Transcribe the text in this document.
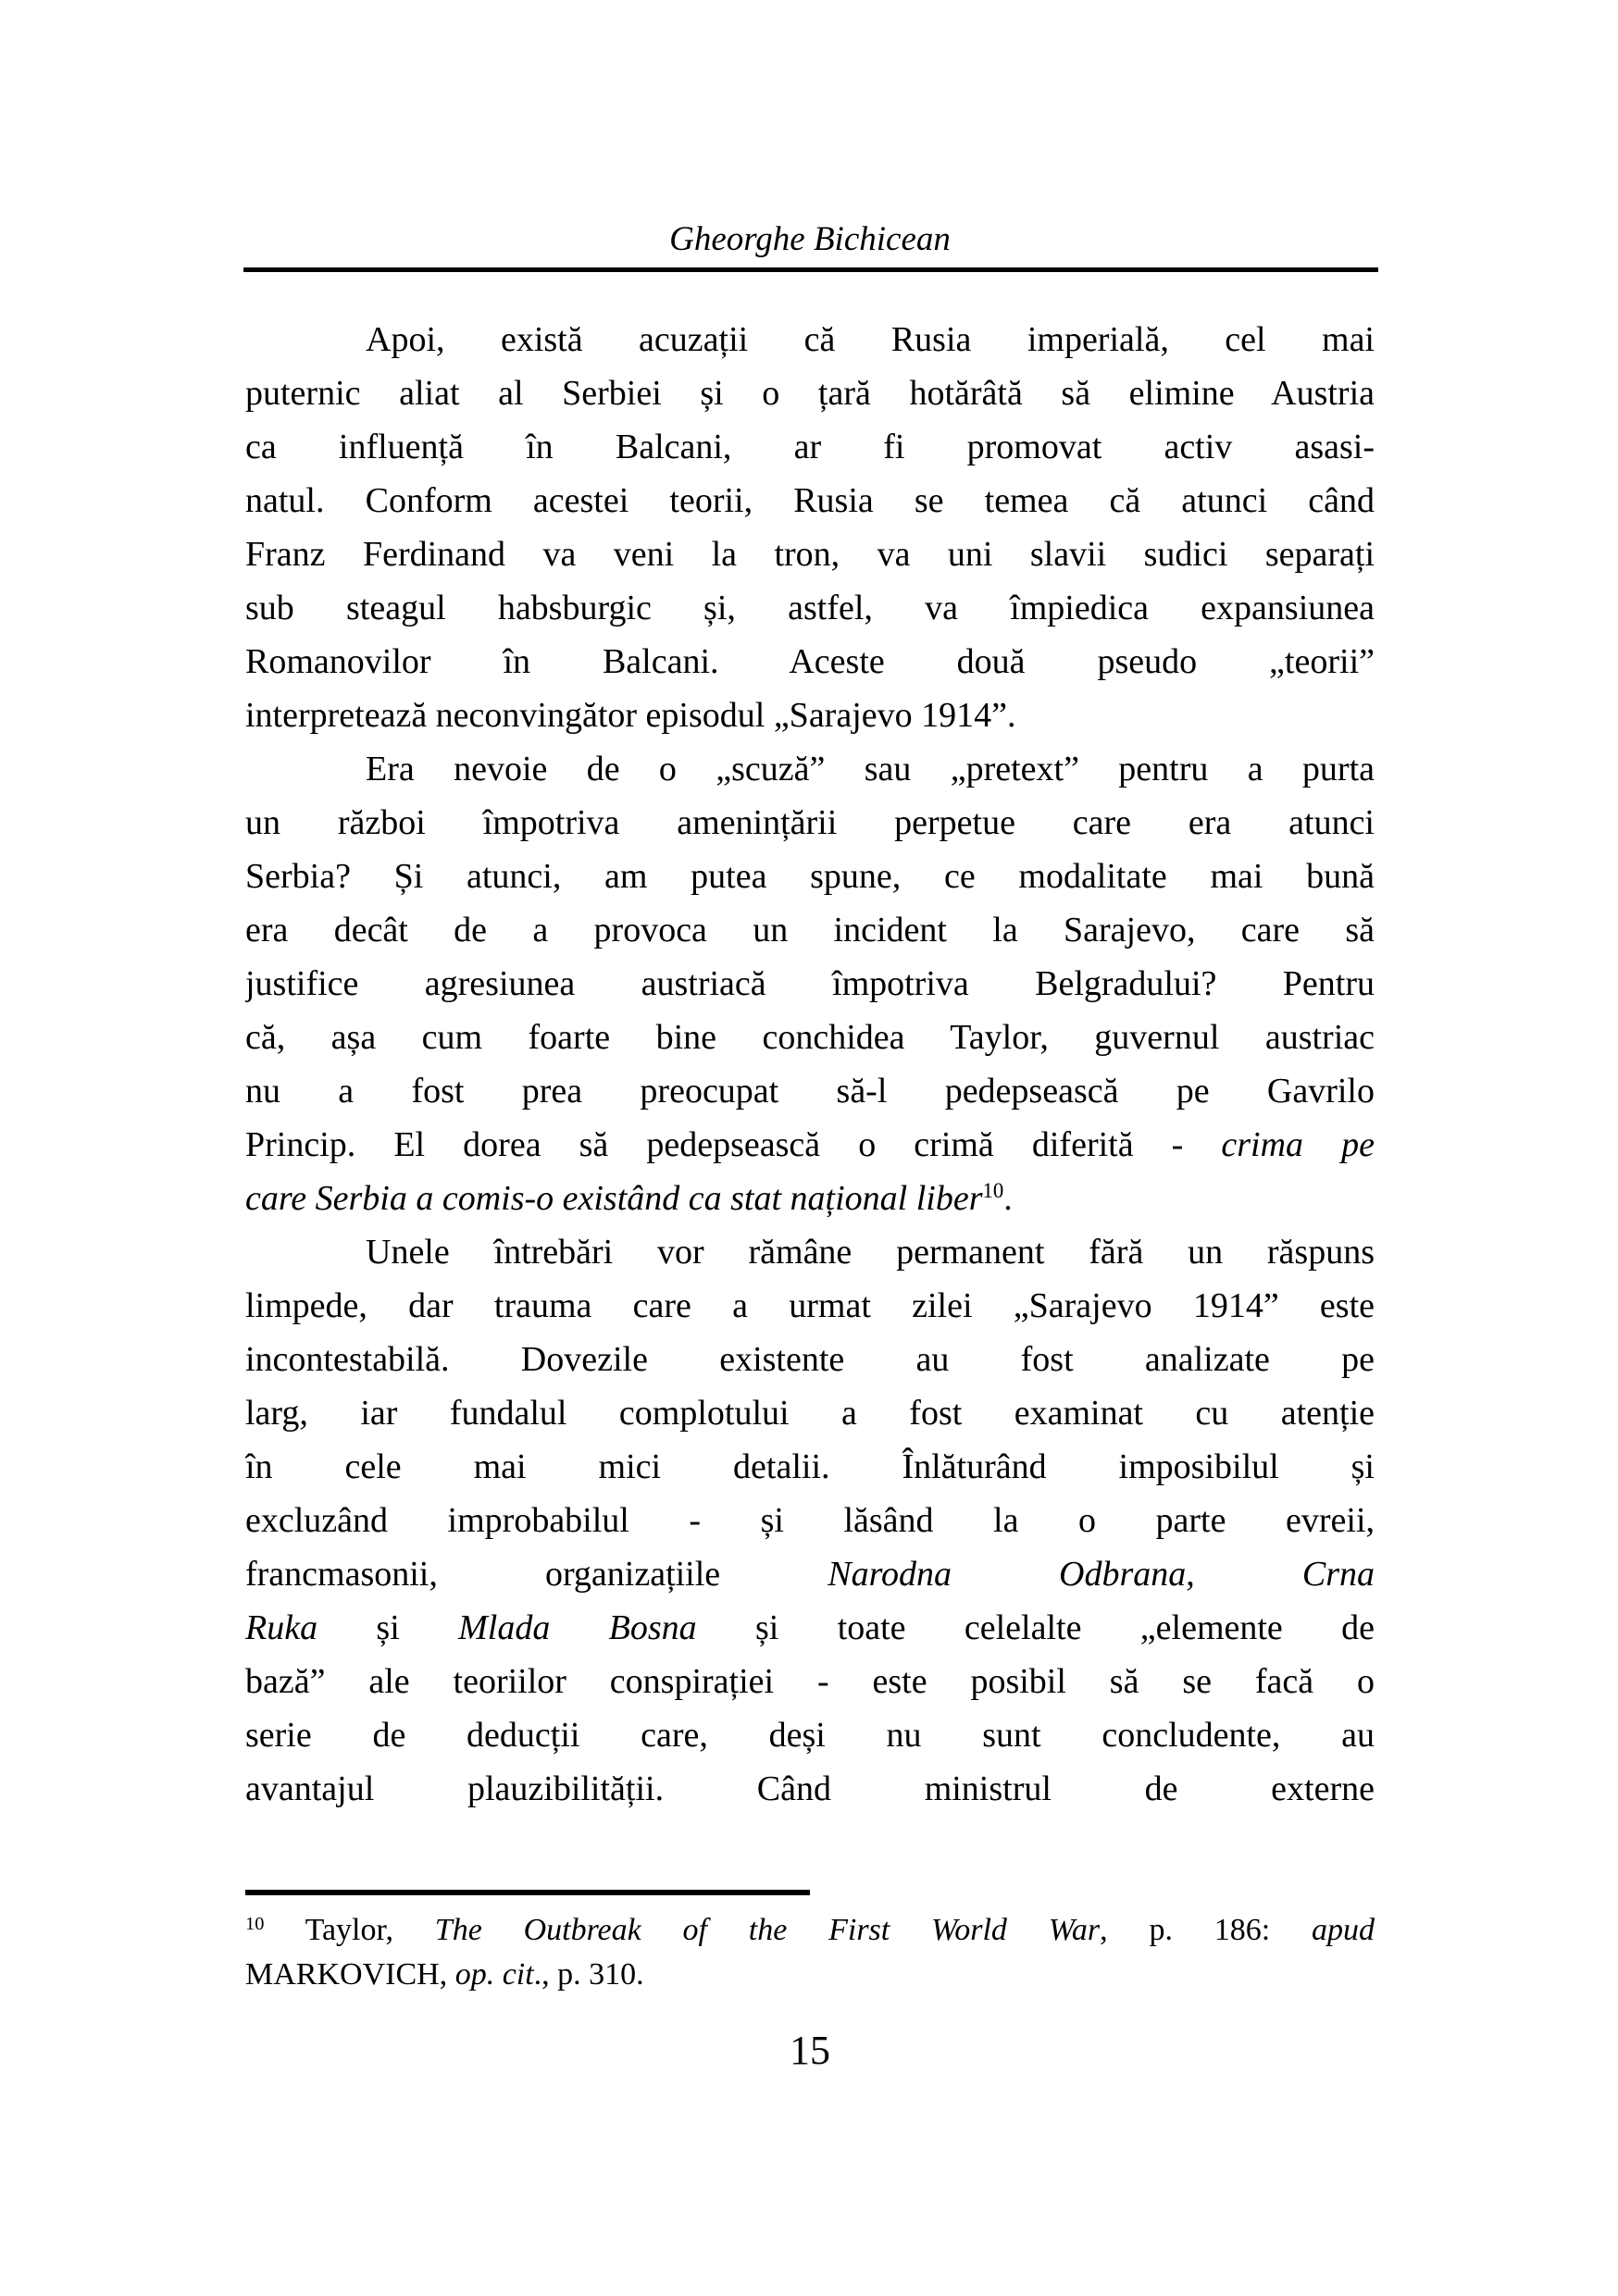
Gheorghe Bichicean
Apoi, există acuzații că Rusia imperială, cel mai
puternic aliat al Serbiei și o țară hotărâtă să elimine Austria
ca influență în Balcani, ar fi promovat activ asasi-
natul. Conform acestei teorii, Rusia se temea că atunci când
Franz Ferdinand va veni la tron, va uni slavii sudici separați
sub steagul habsburgic și, astfel, va împiedica expansiunea
Romanovilor în Balcani. Aceste două pseudo „teorii”
interpretează neconvingător episodul „Sarajevo 1914”.
Era nevoie de o „scuză” sau „pretext” pentru a purta
un război împotriva amenințării perpetue care era atunci
Serbia? Și atunci, am putea spune, ce modalitate mai bună
era decât de a provoca un incident la Sarajevo, care să
justifice agresiunea austriacă împotriva Belgradului? Pentru
că, așa cum foarte bine conchidea Taylor, guvernul austriac
nu a fost prea preocupat să-l pedepsească pe Gavrilo
Princip. El dorea să pedepsească o crimă diferită - crima pe
care Serbia a comis-o existând ca stat național liber$^{10}$.
Unele întrebări vor rămâne permanent fără un răspuns
limpede, dar trauma care a urmat zilei „Sarajevo 1914” este
incontestabilă. Dovezile existente au fost analizate pe
larg, iar fundalul complotului a fost examinat cu atenție
în cele mai mici detalii. Înlăturând imposibilul și
excluzând improbabilul - și lăsând la o parte evreii,
francmasonii, organizațiile Narodna Odbrana, Crna
Ruka și Mlada Bosna și toate celelalte „elemente de
bază” ale teoriilor conspirației - este posibil să se facă o
serie de deducții care, deși nu sunt concludente, au
avantajul plauzibilității. Când ministrul de externe
$^{10}$ Taylor, The Outbreak of the First World War, p. 186: apud
MARKOVICH, op. cit., p. 310.
15
